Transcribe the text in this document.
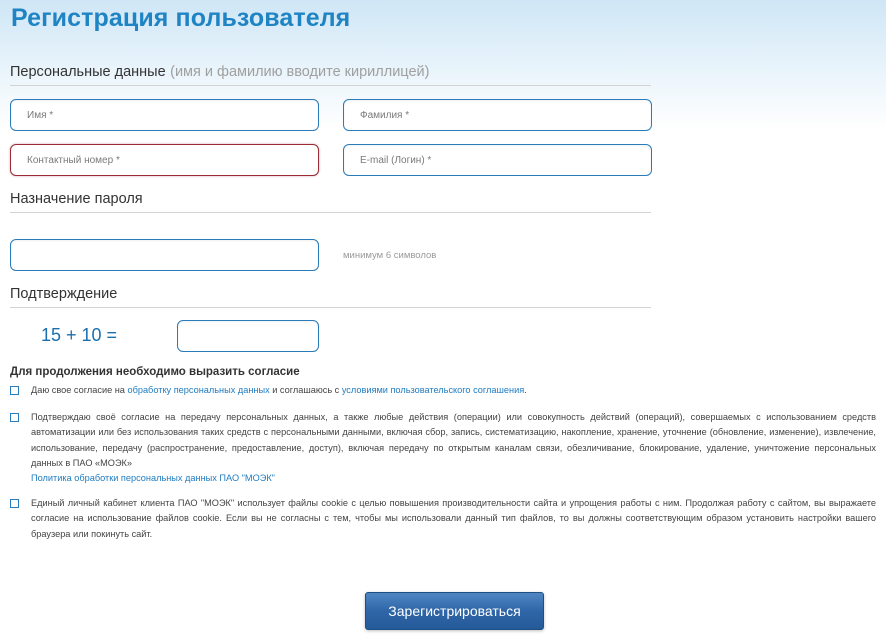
Регистрация пользователя
Персональные данные (имя и фамилию вводите кириллицей)
Имя *
Фамилия *
Контактный номер *
E-mail (Логин) *
Назначение пароля
минимум 6 символов
Подтверждение
15 + 10 =
Для продолжения необходимо выразить согласие
Даю свое согласие на обработку персональных данных и соглашаюсь с условиями пользовательского соглашения.
Подтверждаю своё согласие на передачу персональных данных, а также любые действия (операции) или совокупность действий (операций), совершаемых с использованием средств автоматизации или без использования таких средств с персональными данными, включая сбор, запись, систематизацию, накопление, хранение, уточнение (обновление, изменение), извлечение, использование, передачу (распространение, предоставление, доступ), включая передачу по открытым каналам связи, обезличивание, блокирование, удаление, уничтожение персональных данных в ПАО «МОЭК»
Политика обработки персональных данных ПАО "МОЭК"
Единый личный кабинет клиента ПАО "МОЭК" использует файлы cookie с целью повышения производительности сайта и упрощения работы с ним. Продолжая работу с сайтом, вы выражаете согласие на использование файлов cookie. Если вы не согласны с тем, чтобы мы использовали данный тип файлов, то вы должны соответствующим образом установить настройки вашего браузера или покинуть сайт.
Зарегистрироваться
